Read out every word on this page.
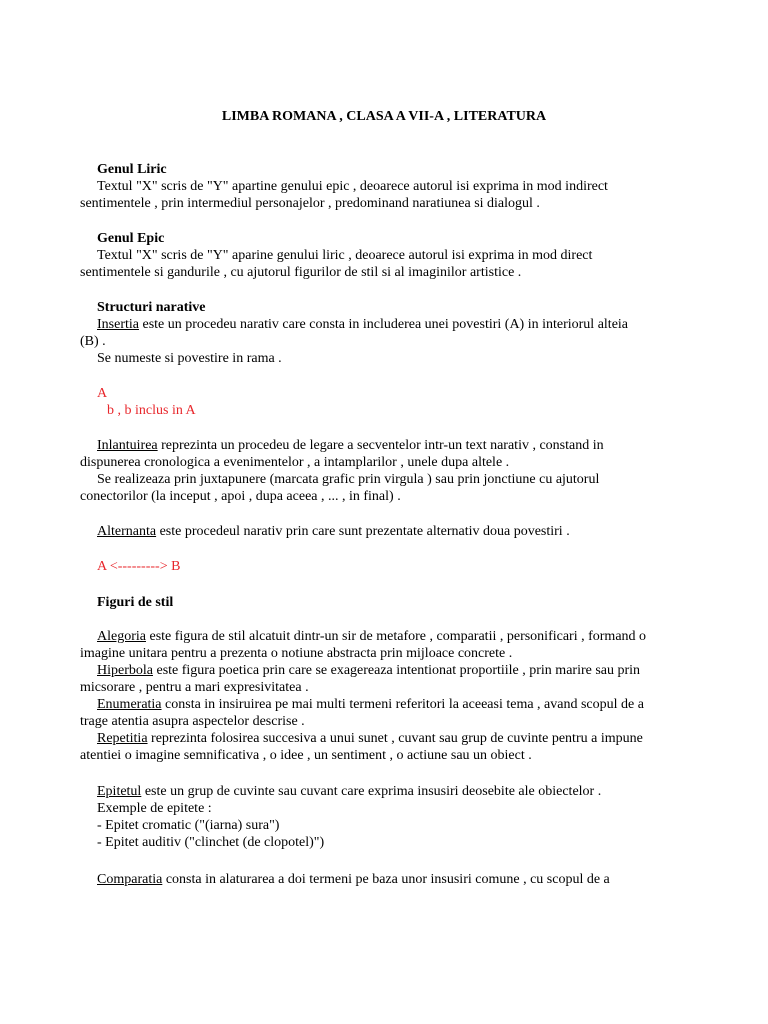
LIMBA ROMANA , CLASA A VII-A , LITERATURA
Genul Liric
Textul "X" scris de "Y" apartine genului epic , deoarece autorul isi exprima in mod indirect
sentimentele , prin intermediul personajelor , predominand naratiunea si dialogul .
Genul Epic
Textul "X" scris de "Y" aparine genului liric , deoarece autorul isi exprima in mod direct
sentimentele si gandurile , cu ajutorul figurilor de stil si al imaginilor artistice .
Structuri narative
Insertia este un procedeu narativ care consta in includerea unei povestiri (A) in interiorul alteia
(B) .
Se numeste si povestire in rama .
A
b , b inclus in A
Inlantuirea reprezinta un procedeu de legare a secventelor intr-un text narativ , constand in
dispunerea cronologica a evenimentelor , a intamplarilor , unele dupa altele .
Se realizeaza prin juxtapunere (marcata grafic prin virgula ) sau prin jonctiune cu ajutorul
conectorilor (la inceput , apoi , dupa aceea , ... , in final) .
Alternanta este procedeul narativ prin care sunt prezentate alternativ doua povestiri .
A <---------> B
Figuri de stil
Alegoria este figura de stil alcatuit dintr-un sir de metafore , comparatii , personificari , formand o
imagine unitara pentru a prezenta o notiune abstracta prin mijloace concrete .
Hiperbola este figura poetica prin care se exagereaza intentionat proportiile , prin marire sau prin
micsorare , pentru a mari expresivitatea .
Enumeratia consta in insiruirea pe mai multi termeni referitori la aceeasi tema , avand scopul de a
trage atentia asupra aspectelor descrise .
Repetitia reprezinta folosirea succesiva a unui sunet , cuvant sau grup de cuvinte pentru a impune
atentiei o imagine semnificativa , o idee , un sentiment , o actiune sau un obiect .
Epitetul este un grup de cuvinte sau cuvant care exprima insusiri deosebite ale obiectelor .
Exemple de epitete :
- Epitet cromatic ("(iarna) sura")
- Epitet auditiv ("clinchet (de clopotel)")
Comparatia consta in alaturarea a doi termeni pe baza unor insusiri comune , cu scopul de a
